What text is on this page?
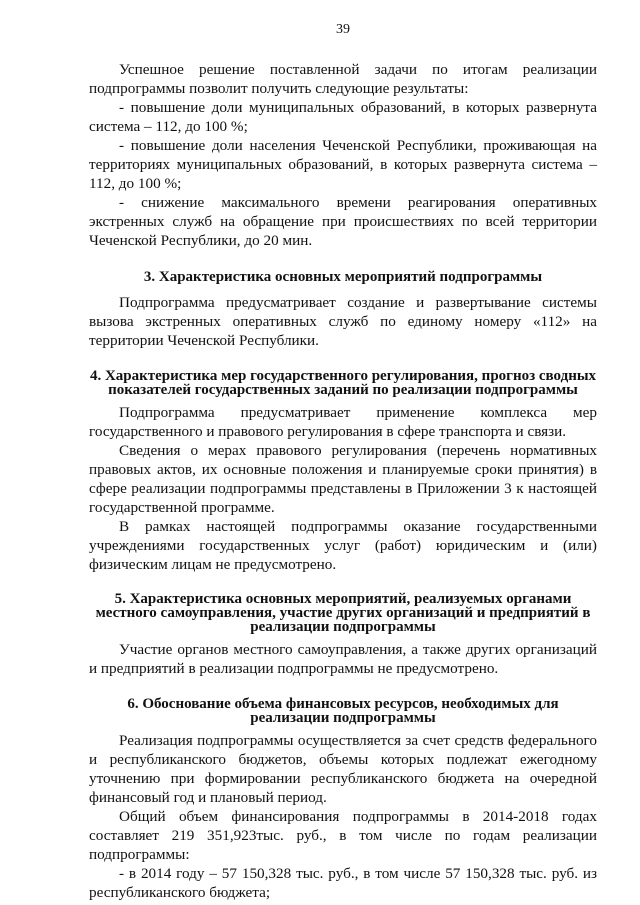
39

Успешное решение поставленной задачи по итогам реализации подпрограммы позволит получить следующие результаты:

- повышение доли муниципальных образований, в которых развернута система – 112, до 100 %;

- повышение доли населения Чеченской Республики, проживающая на территориях муниципальных образований, в которых развернута система – 112, до 100 %;

- снижение максимального времени реагирования оперативных экстренных служб на обращение при происшествиях по всей территории Чеченской Республики, до 20 мин.

3. Характеристика основных мероприятий подпрограммы

Подпрограмма предусматривает создание и развертывание системы вызова экстренных оперативных служб по единому номеру «112» на территории Чеченской Республики.

4. Характеристика мер государственного регулирования, прогноз сводных показателей государственных заданий по реализации подпрограммы

Подпрограмма предусматривает применение комплекса мер государственного и правового регулирования в сфере транспорта и связи.

Сведения о мерах правового регулирования (перечень нормативных правовых актов, их основные положения и планируемые сроки принятия) в сфере реализации подпрограммы представлены в Приложении 3 к настоящей государственной программе.

В рамках настоящей подпрограммы оказание государственными учреждениями государственных услуг (работ) юридическим и (или) физическим лицам не предусмотрено.

5. Характеристика основных мероприятий, реализуемых органами местного самоуправления, участие других организаций и предприятий в реализации подпрограммы

Участие органов местного самоуправления, а также других организаций и предприятий в реализации подпрограммы не предусмотрено.

6. Обоснование объема финансовых ресурсов, необходимых для реализации подпрограммы

Реализация подпрограммы осуществляется за счет средств федерального и республиканского бюджетов, объемы которых подлежат ежегодному уточнению при формировании республиканского бюджета на очередной финансовый год и плановый период.

Общий объем финансирования подпрограммы в 2014-2018 годах составляет 219 351,923тыс. руб., в том числе по годам реализации подпрограммы:

- в 2014 году – 57 150,328 тыс. руб., в том числе 57 150,328 тыс. руб. из республиканского бюджета;
